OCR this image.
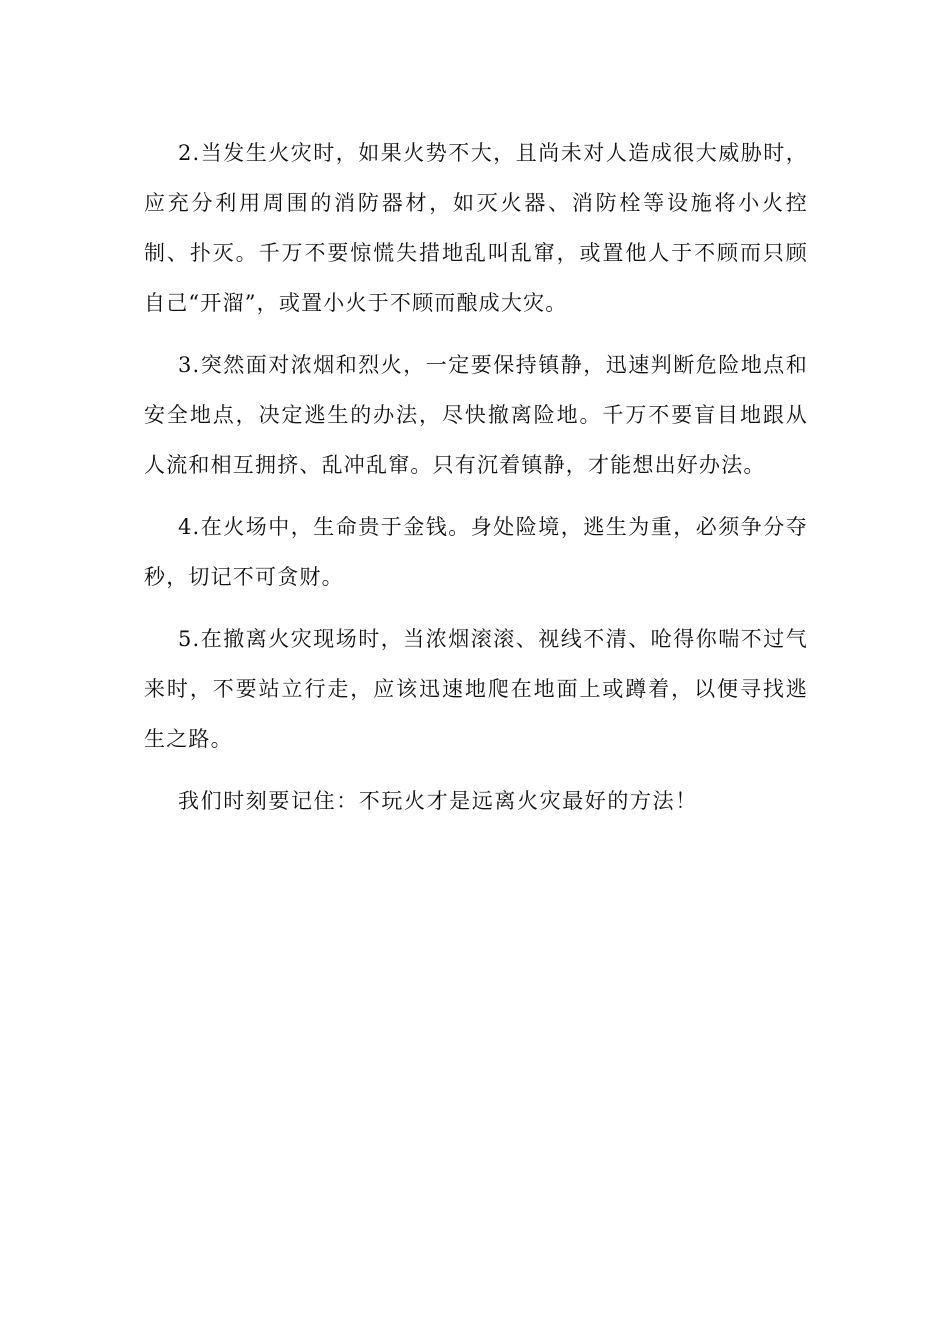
2.当发生火灾时，如果火势不大，且尚未对人造成很大威胁时，应充分利用周围的消防器材，如灭火器、消防栓等设施将小火控制、扑灭。千万不要惊慌失措地乱叫乱窜，或置他人于不顾而只顾自己“开溜”，或置小火于不顾而酿成大灾。

3.突然面对浓烟和烈火，一定要保持镇静，迅速判断危险地点和安全地点，决定逃生的办法，尽快撤离险地。千万不要盲目地跟从人流和相互拥挤、乱冲乱窜。只有沉着镇静，才能想出好办法。

4.在火场中，生命贵于金钱。身处险境，逃生为重，必须争分夺秒，切记不可贪财。

5.在撤离火灾现场时，当浓烟滚滚、视线不清、呛得你喘不过气来时，不要站立行走，应该迅速地爬在地面上或蹲着，以便寻找逃生之路。

我们时刻要记住：不玩火才是远离火灾最好的方法！
